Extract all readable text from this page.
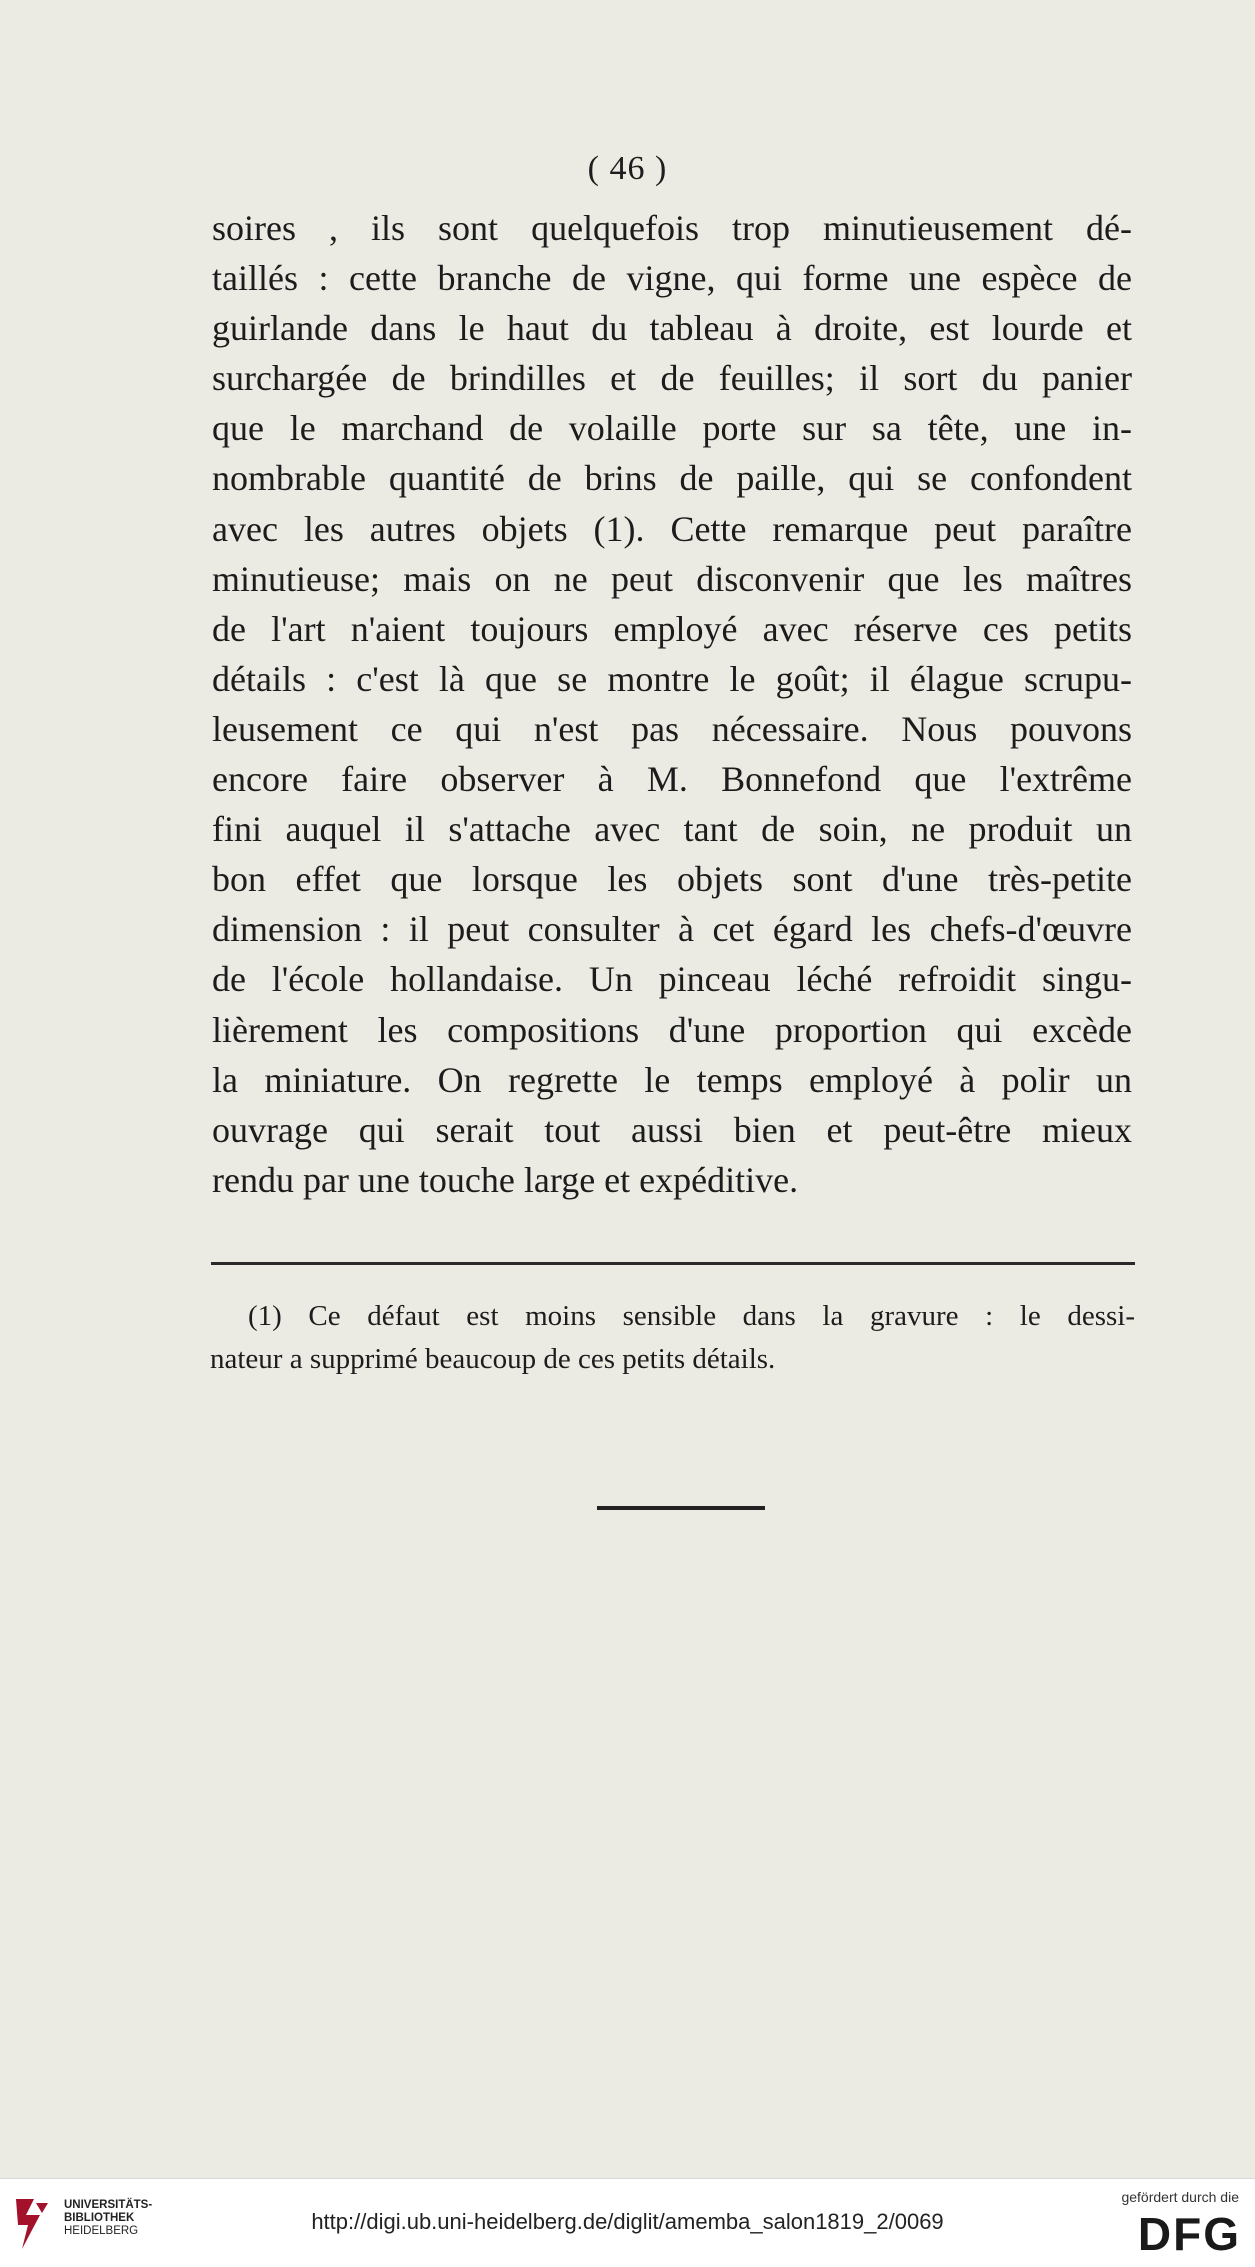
( 46 )
soires , ils sont quelquefois trop minutieusement dé-
taillés : cette branche de vigne, qui forme une espèce de
guirlande dans le haut du tableau à droite, est lourde et
surchargée de brindilles et de feuilles; il sort du panier
que le marchand de volaille porte sur sa tête, une in-
nombrable quantité de brins de paille, qui se confondent
avec les autres objets (1). Cette remarque peut paraître
minutieuse; mais on ne peut disconvenir que les maîtres
de l'art n'aient toujours employé avec réserve ces petits
détails : c'est là que se montre le goût; il élague scrupu-
leusement ce qui n'est pas nécessaire. Nous pouvons
encore faire observer à M. Bonnefond que l'extrême
fini auquel il s'attache avec tant de soin, ne produit un
bon effet que lorsque les objets sont d'une très-petite
dimension : il peut consulter à cet égard les chefs-d'œuvre
de l'école hollandaise. Un pinceau léché refroidit singu-
lièrement les compositions d'une proportion qui excède
la miniature. On regrette le temps employé à polir un
ouvrage qui serait tout aussi bien et peut-être mieux
rendu par une touche large et expéditive.
(1) Ce défaut est moins sensible dans la gravure : le dessi-
nateur a supprimé beaucoup de ces petits détails.
UNIVERSITÄTS-
BIBLIOTHEK
HEIDELBERG	http://digi.ub.uni-heidelberg.de/diglit/amemba_salon1819_2/0069
gefördert durch die
DFG
